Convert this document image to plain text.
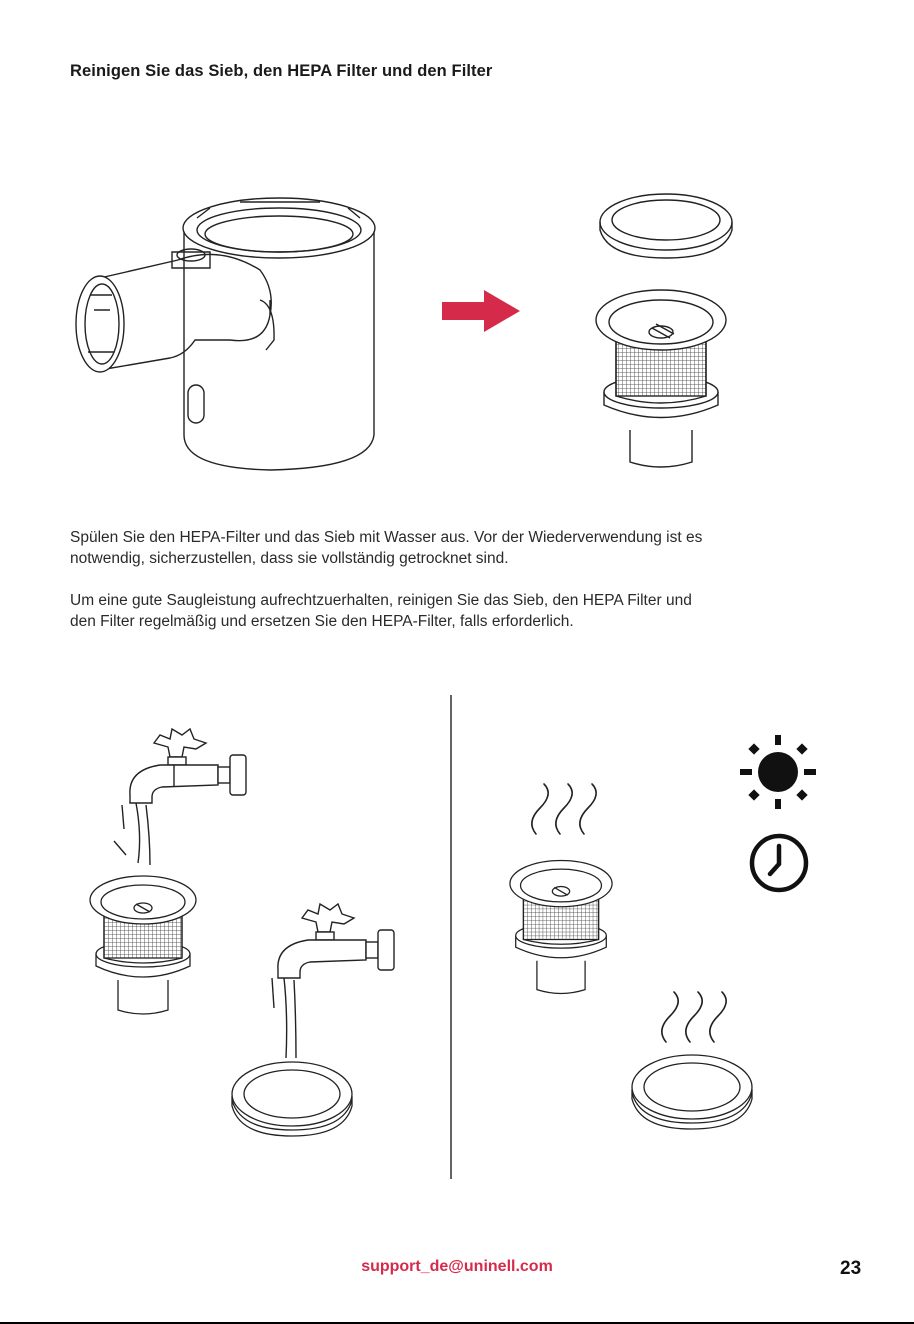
Reinigen Sie das Sieb, den HEPA Filter und den Filter
Spülen Sie den HEPA-Filter und das Sieb mit Wasser aus. Vor der Wiederverwendung ist es
notwendig, sicherzustellen, dass sie vollständig getrocknet sind.
Um eine gute Saugleistung aufrechtzuerhalten, reinigen Sie das Sieb, den HEPA Filter und
den Filter regelmäßig und ersetzen Sie den HEPA-Filter, falls erforderlich.
support_de@uninell.com	23
